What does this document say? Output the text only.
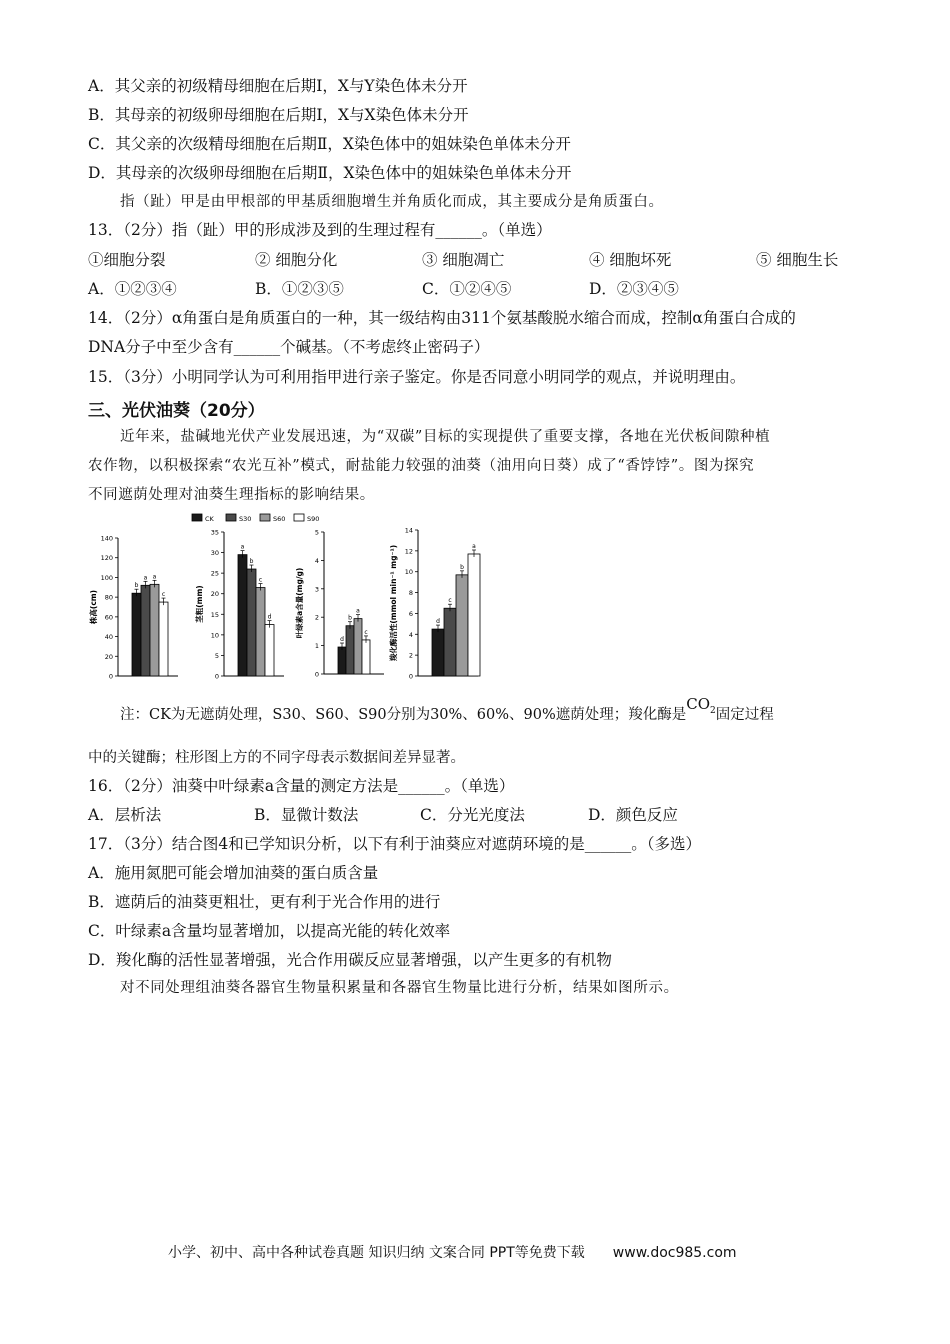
A．其父亲的初级精母细胞在后期Ⅰ，X与Y染色体未分开
B．其母亲的初级卵母细胞在后期Ⅰ，X与X染色体未分开
C．其父亲的次级精母细胞在后期Ⅱ，X染色体中的姐妹染色单体未分开
D．其母亲的次级卵母细胞在后期Ⅱ，X染色体中的姐妹染色单体未分开
指（趾）甲是由甲根部的甲基质细胞增生并角质化而成，其主要成分是角质蛋白。
13．（2分）指（趾）甲的形成涉及到的生理过程有______。（单选）
①细胞分裂	② 细胞分化	③ 细胞凋亡	④ 细胞坏死	⑤ 细胞生长
A．①②③④	B．①②③⑤	C．①②④⑤	D．②③④⑤
14．（2分）α角蛋白是角质蛋白的一种，其一级结构由311个氨基酸脱水缩合而成，控制α角蛋白合成的
DNA分子中至少含有______个碱基。（不考虑终止密码子）
15．（3分）小明同学认为可利用指甲进行亲子鉴定。你是否同意小明同学的观点，并说明理由。
三、光伏油葵（20分）
近年来，盐碱地光伏产业发展迅速，为“双碳”目标的实现提供了重要支撑，各地在光伏板间隙种植
农作物，以积极探索“农光互补”模式，耐盐能力较强的油葵（油用向日葵）成了“香饽饽”。图为探究
不同遮荫处理对油葵生理指标的影响结果。
CK	S30	S60	S90
0
20
40
60
80
100
120
140
株高(cm)
b
a a
c
0
5
10
15
20
25
30
35
茎粗(mm)
a
b
c
d
0
1
2
3
4
5
叶绿素a含量(mg/g)
d
b
a
c
0
2
4
6
8
10
12
14
羧化酶活性(mmol min⁻¹ mg⁻¹)	d
c
b
a
注：CK为无遮荫处理，S30、S60、S90分别为30%、60%、90%遮荫处理；羧化酶是$CO_2$固定过程
中的关键酶；柱形图上方的不同字母表示数据间差异显著。
16．（2分）油葵中叶绿素a含量的测定方法是______。（单选）
A．层析法	B．显微计数法	C．分光光度法	D．颜色反应
17．（3分）结合图4和已学知识分析，以下有利于油葵应对遮荫环境的是______。（多选）
A．施用氮肥可能会增加油葵的蛋白质含量
B．遮荫后的油葵更粗壮，更有利于光合作用的进行
C．叶绿素a含量均显著增加，以提高光能的转化效率
D．羧化酶的活性显著增强，光合作用碳反应显著增强，以产生更多的有机物
对不同处理组油葵各器官生物量积累量和各器官生物量比进行分析，结果如图所示。
小学、初中、高中各种试卷真题 知识归纳 文案合同 PPT等免费下载 www.doc985.com
